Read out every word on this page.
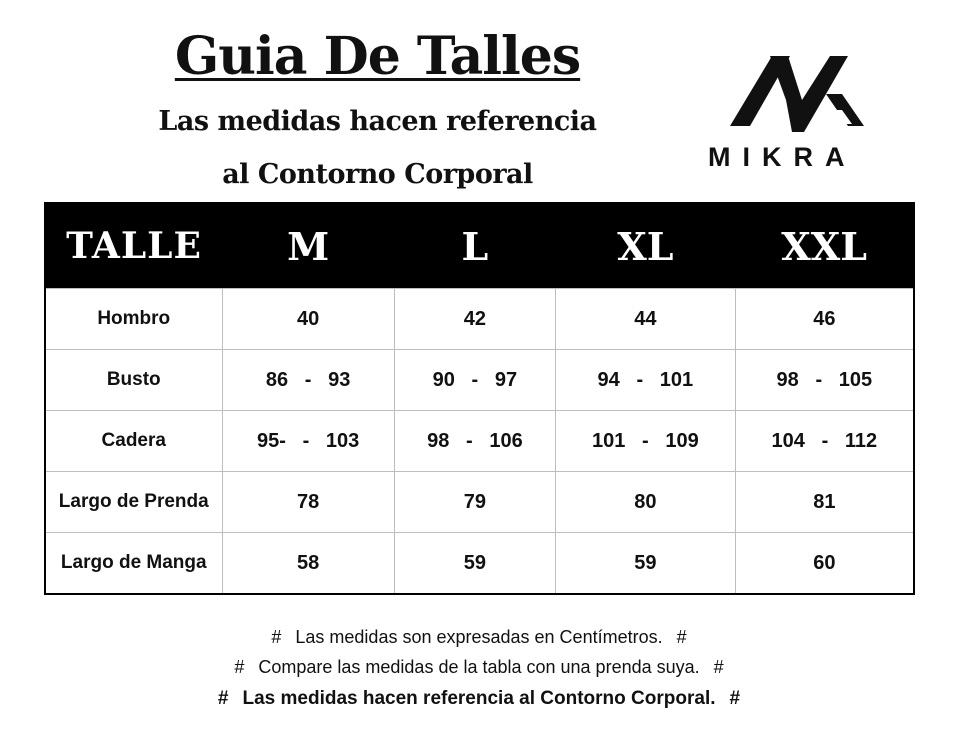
Guia De Talles

Las medidas hacen referencia

al Contorno Corporal

MIKRA
TALLE	M	L	XL	XXL
Hombro	40	42	44	46
Busto	86   -   93	90   -   97	94   -   101	98   -   105
Cadera	95-   -   103	98   -   106	101   -   109	104   -   112
Largo de Prenda	78	79	80	81
Largo de Manga	58	59	59	60

# Las medidas son expresadas en Centímetros. #

# Compare las medidas de la tabla con una prenda suya. #

# Las medidas hacen referencia al Contorno Corporal. #
